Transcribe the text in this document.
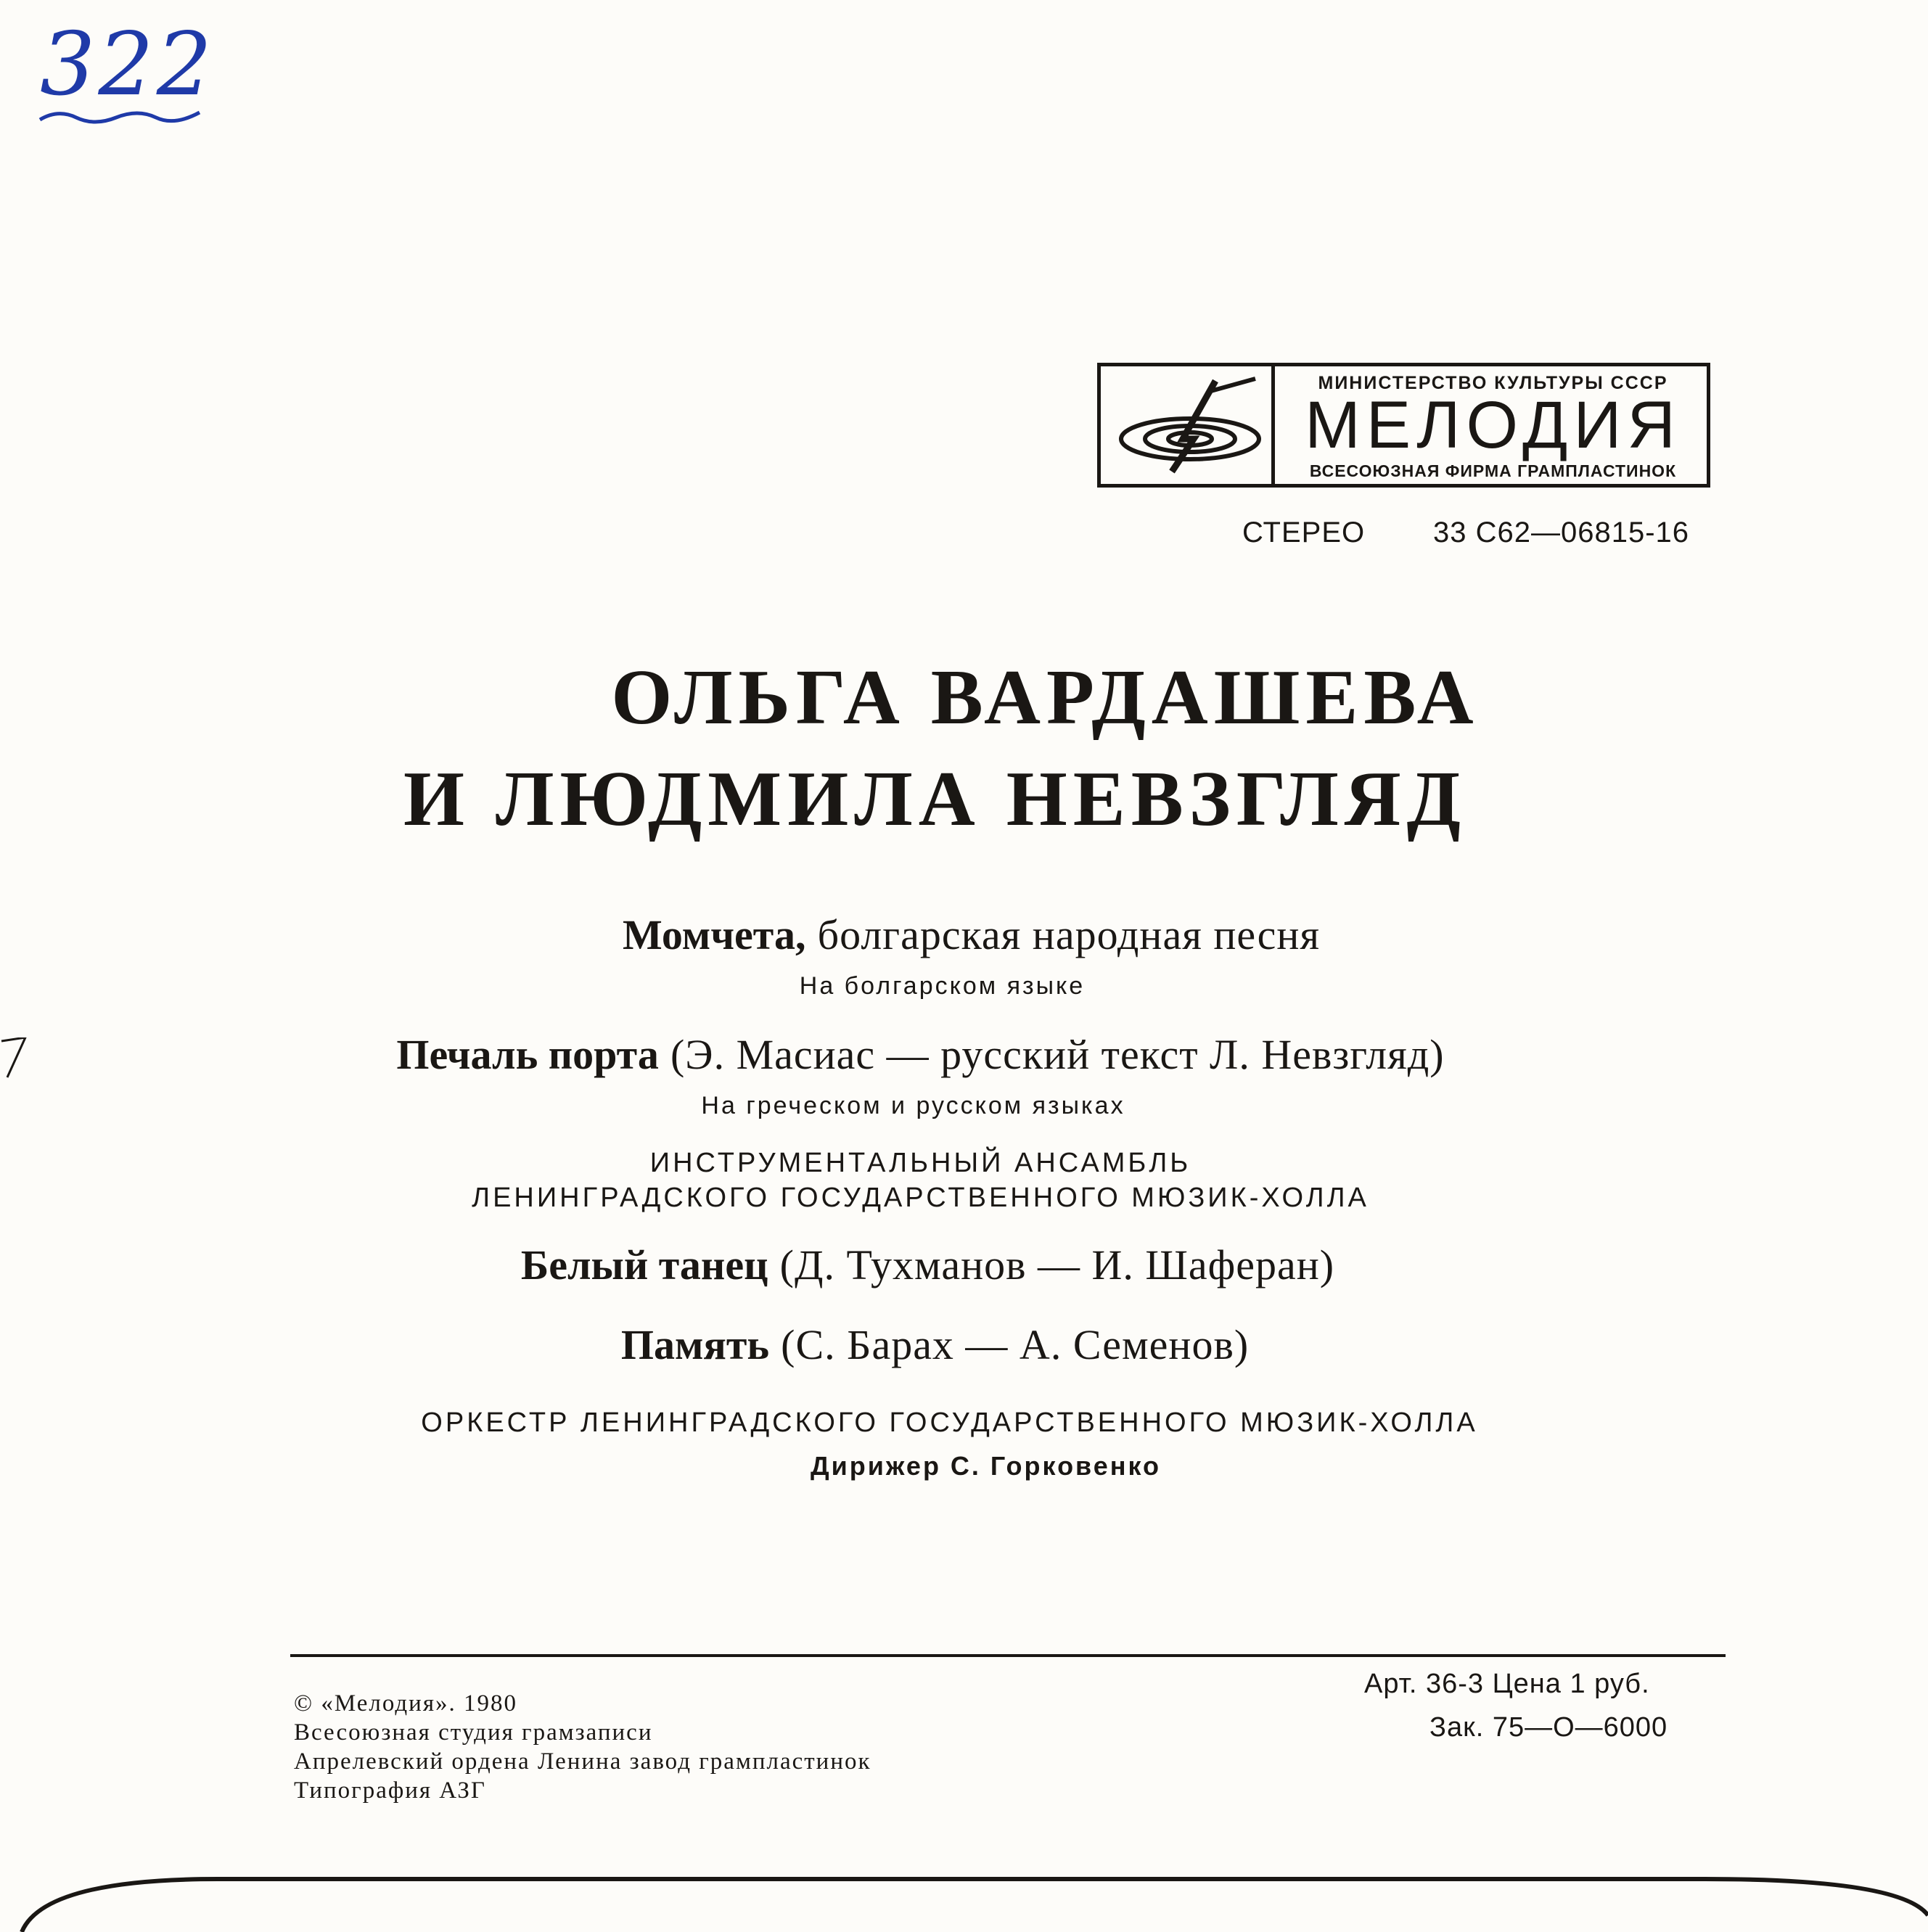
322
МИНИСТЕРСТВО КУЛЬТУРЫ СССР
МЕЛОДИЯ
ВСЕСОЮЗНАЯ ФИРМА ГРАМПЛАСТИНОК
СТЕРЕО 33 С62—06815-16
ОЛЬГА ВАРДАШЕВА
И ЛЮДМИЛА НЕВЗГЛЯД
Момчета, болгарская народная песня
На болгарском языке
Печаль порта (Э. Масиас — русский текст Л. Невзгляд)
На греческом и русском языках
ИНСТРУМЕНТАЛЬНЫЙ АНСАМБЛЬ
ЛЕНИНГРАДСКОГО ГОСУДАРСТВЕННОГО МЮЗИК-ХОЛЛА
Белый танец (Д. Тухманов — И. Шаферан)
Память (С. Барах — А. Семенов)
ОРКЕСТР ЛЕНИНГРАДСКОГО ГОСУДАРСТВЕННОГО МЮЗИК-ХОЛЛА
Дирижер С. Горковенко
© «Мелодия». 1980
Всесоюзная студия грамзаписи
Апрелевский ордена Ленина завод грампластинок
Типография АЗГ
Арт. 36-3 Цена 1 руб.
Зак. 75—О—6000
